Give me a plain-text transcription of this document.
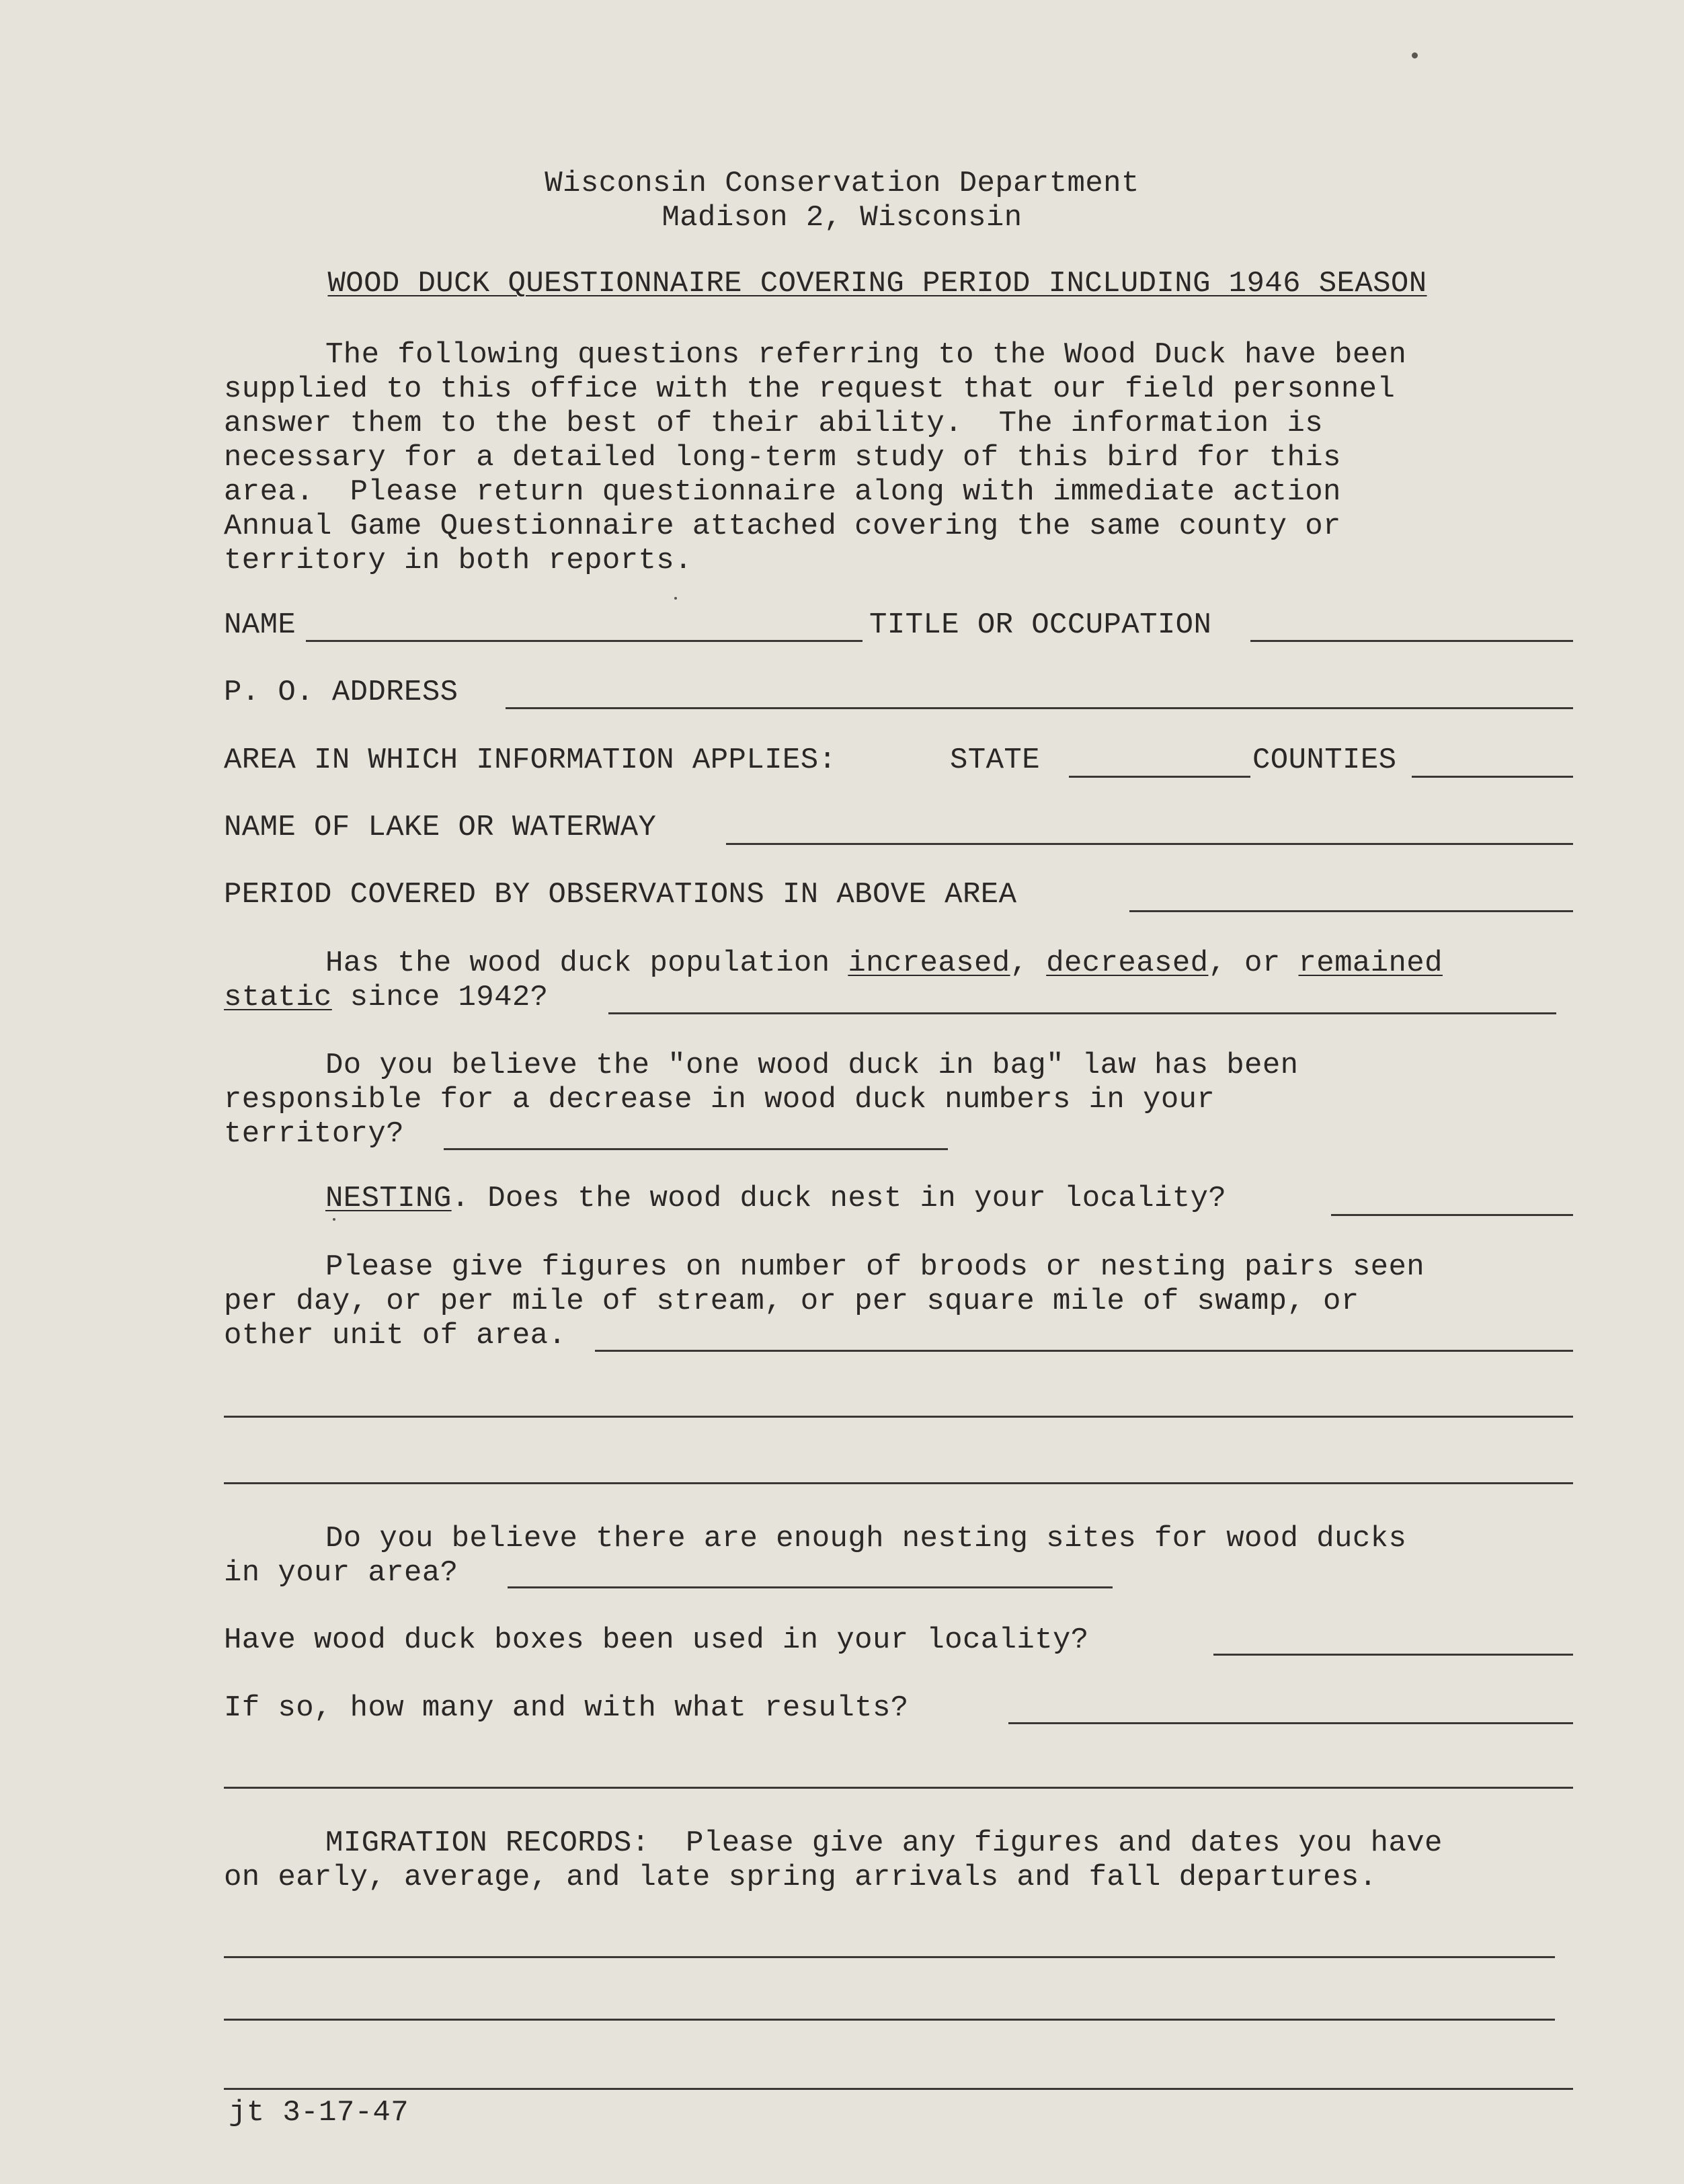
Wisconsin Conservation Department
Madison 2, Wisconsin
WOOD DUCK QUESTIONNAIRE COVERING PERIOD INCLUDING 1946 SEASON
The following questions referring to the Wood Duck have been
supplied to this office with the request that our field personnel
answer them to the best of their ability.  The information is
necessary for a detailed long-term study of this bird for this
area.  Please return questionnaire along with immediate action
Annual Game Questionnaire attached covering the same county or
territory in both reports.
NAME	TITLE OR OCCUPATION
P. O. ADDRESS
AREA IN WHICH INFORMATION APPLIES:	STATE	COUNTIES
NAME OF LAKE OR WATERWAY
PERIOD COVERED BY OBSERVATIONS IN ABOVE AREA
Has the wood duck population increased, decreased, or remained
static since 1942?
Do you believe the "one wood duck in bag" law has been
responsible for a decrease in wood duck numbers in your
territory?
NESTING. Does the wood duck nest in your locality?
Please give figures on number of broods or nesting pairs seen
per day, or per mile of stream, or per square mile of swamp, or
other unit of area.
Do you believe there are enough nesting sites for wood ducks
in your area?
Have wood duck boxes been used in your locality?
If so, how many and with what results?
MIGRATION RECORDS:  Please give any figures and dates you have
on early, average, and late spring arrivals and fall departures.
jt 3-17-47
